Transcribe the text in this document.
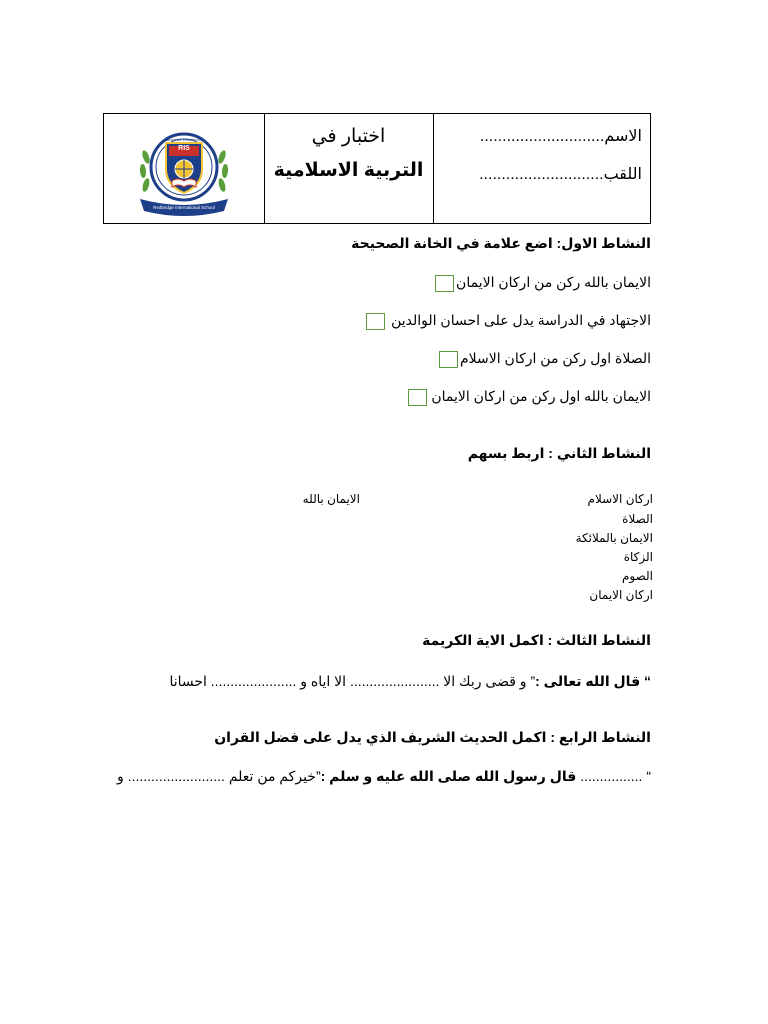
RIS
strive for excellence
Redbridge International School
اختبار في
التربية الاسلامية
الاسم............................
اللقب............................
النشاط الاول: اضع علامة في الخانة الصحيحة
الايمان بالله ركن من اركان الايمان
الاجتهاد في الدراسة يدل على احسان الوالدين
الصلاة اول ركن من اركان الاسلام
الايمان بالله اول ركن من اركان الايمان
النشاط الثاني : اربط بسهم
اركان الاسلام
الصلاة
الايمان بالملائكة
الزكاة
الصوم
اركان الايمان
الايمان بالله
النشاط الثالث : اكمل الاية الكريمة
“ قال الله تعالى :” و قضى ربك الا ....................... الا اياه و ...................... احسانا
النشاط الرابع : اكمل الحديث الشريف الذي يدل على فضل القران
“ ................ قال رسول الله صلى الله عليه و سلم :”خيركم من تعلم ......................... و
